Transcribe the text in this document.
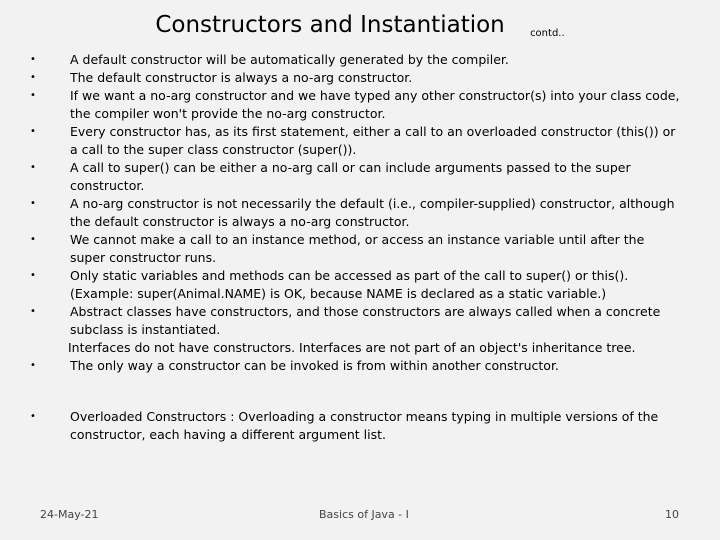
Constructors and Instantiation	$_{contd..}$
•	A default constructor will be automatically generated by the compiler.
•	The default constructor is always a no-arg constructor.
•	If we want a no-arg constructor and we have typed any other constructor(s) into your class code, the compiler won't provide the no-arg constructor.
•	Every constructor has, as its first statement, either a call to an overloaded constructor (this()) or a call to the super class constructor (super()).
•	A call to super() can be either a no-arg call or can include arguments passed to the super constructor.
•	A no-arg constructor is not necessarily the default (i.e., compiler-supplied) constructor, although the default constructor is always a no-arg constructor.
•	We cannot make a call to an instance method, or access an instance variable until after the super constructor runs.
•	Only static variables and methods can be accessed as part of the call to super() or this(). (Example: super(Animal.NAME) is OK, because NAME is declared as a static variable.)
•	Abstract classes have constructors, and those constructors are always called when a concrete subclass is instantiated.
Interfaces do not have constructors. Interfaces are not part of an object's inheritance tree.
•	The only way a constructor can be invoked is from within another constructor.
•	Overloaded Constructors : Overloading a constructor means typing in multiple versions of the constructor, each having a different argument list.
24-May-21	Basics of Java - I	10
